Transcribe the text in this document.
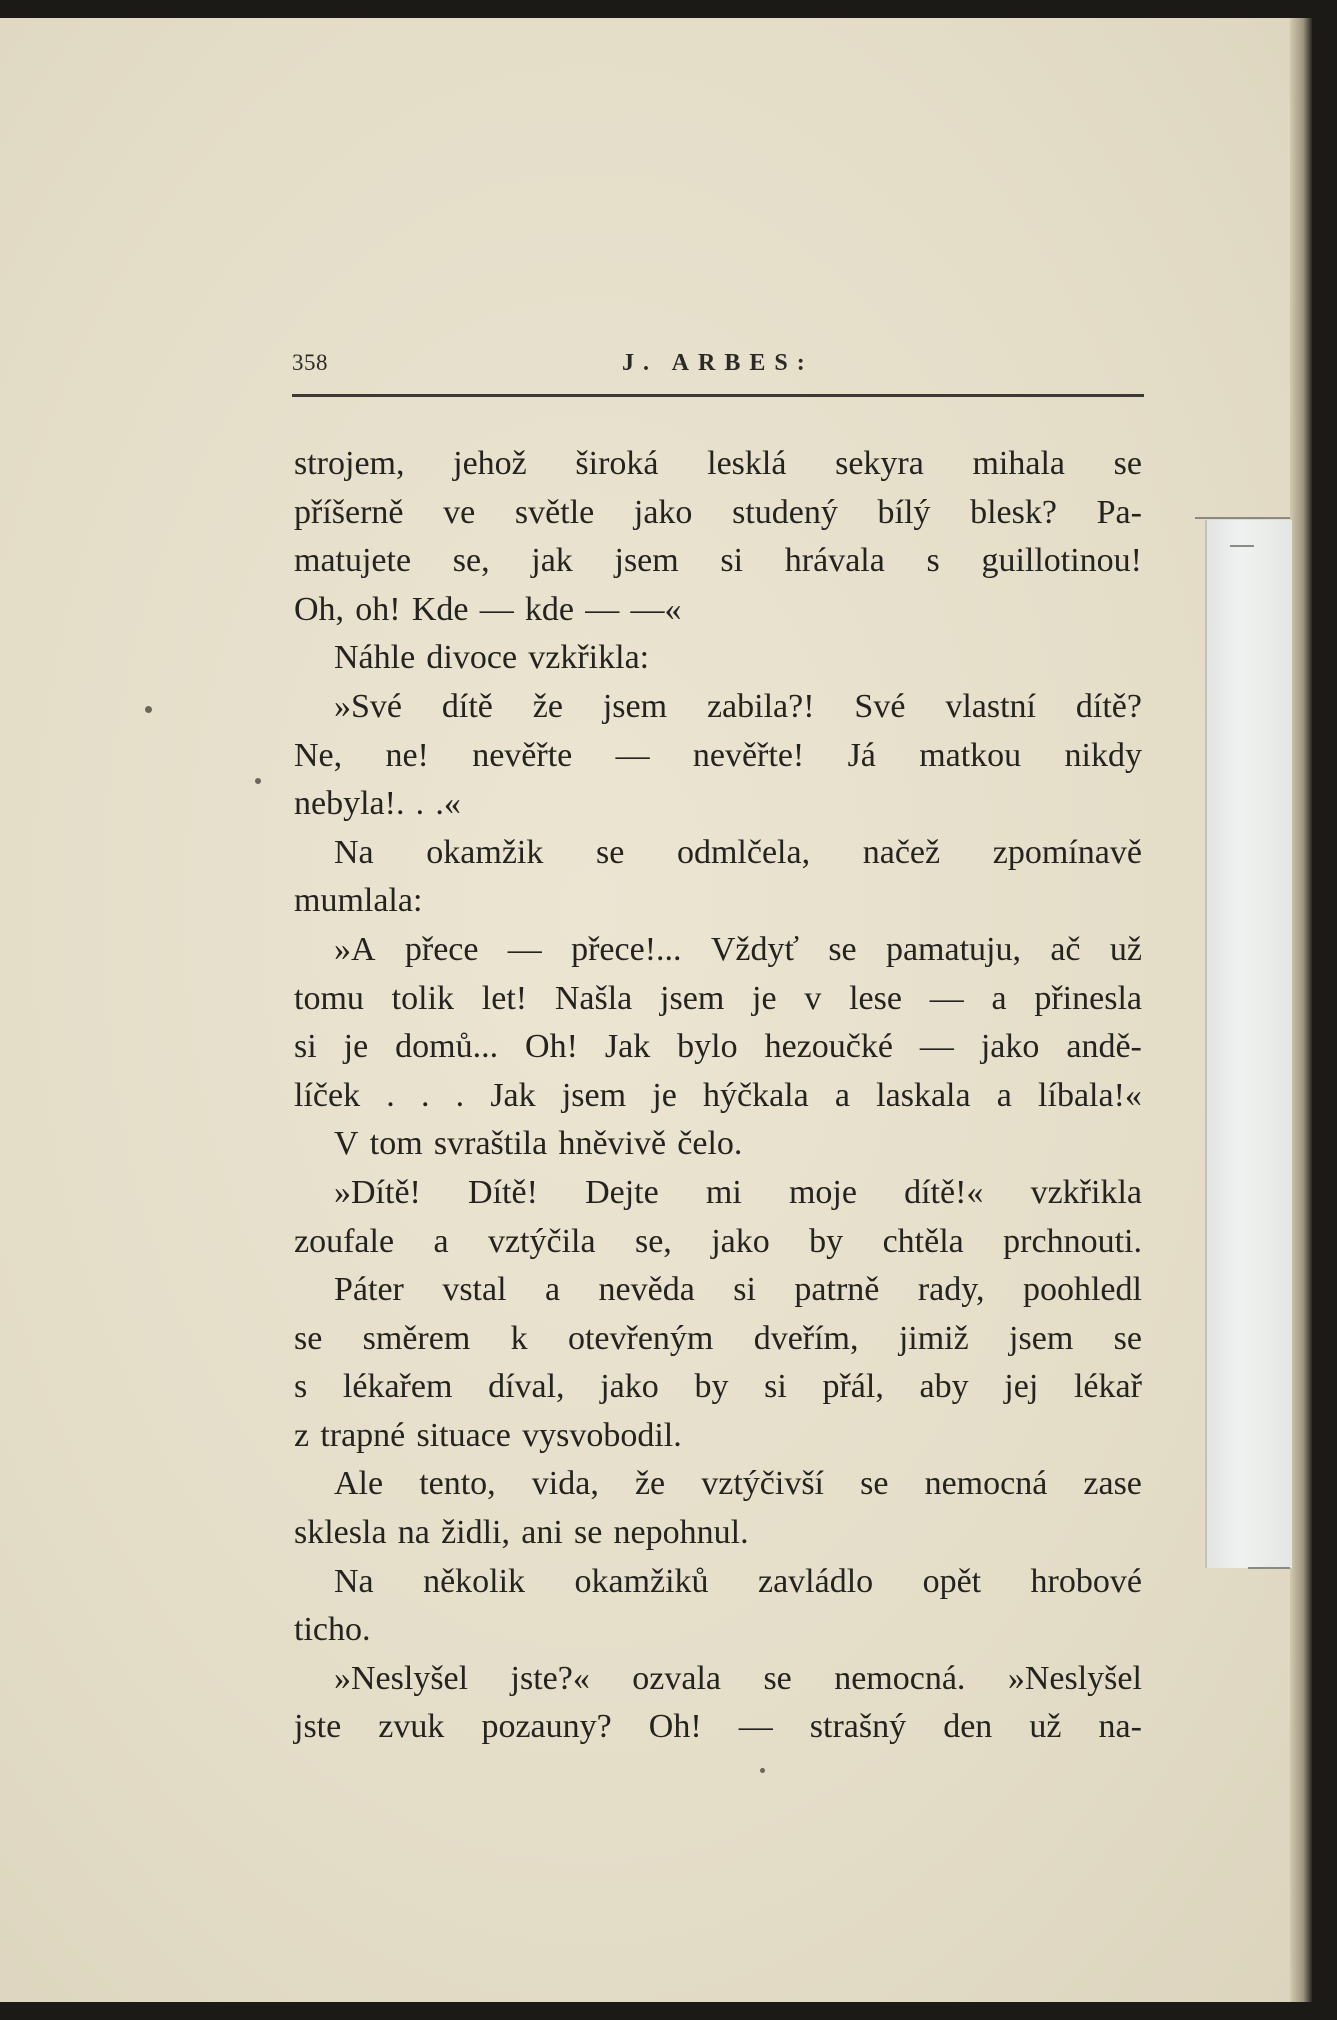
358	J. ARBES:
strojem, jehož široká lesklá sekyra mihala se
příšerně ve světle jako studený bílý blesk? Pa-
matujete se, jak jsem si hrávala s guillotinou!
Oh, oh! Kde — kde — —«
Náhle divoce vzkřikla:
»Své dítě že jsem zabila?! Své vlastní dítě?
Ne, ne! nevěřte — nevěřte! Já matkou nikdy
nebyla!. . .«
Na okamžik se odmlčela, načež zpomínavě
mumlala:
»A přece — přece!... Vždyť se pamatuju, ač už
tomu tolik let! Našla jsem je v lese — a přinesla
si je domů... Oh! Jak bylo hezoučké — jako andě-
líček . . . Jak jsem je hýčkala a laskala a líbala!«
V tom svraštila hněvivě čelo.
»Dítě! Dítě! Dejte mi moje dítě!« vzkřikla
zoufale a vztýčila se, jako by chtěla prchnouti.
Páter vstal a nevěda si patrně rady, poohledl
se směrem k otevřeným dveřím, jimiž jsem se
s lékařem díval, jako by si přál, aby jej lékař
z trapné situace vysvobodil.
Ale tento, vida, že vztýčivší se nemocná zase
sklesla na židli, ani se nepohnul.
Na několik okamžiků zavládlo opět hrobové
ticho.
»Neslyšel jste?« ozvala se nemocná. »Neslyšel
jste zvuk pozauny? Oh! — strašný den už na-
